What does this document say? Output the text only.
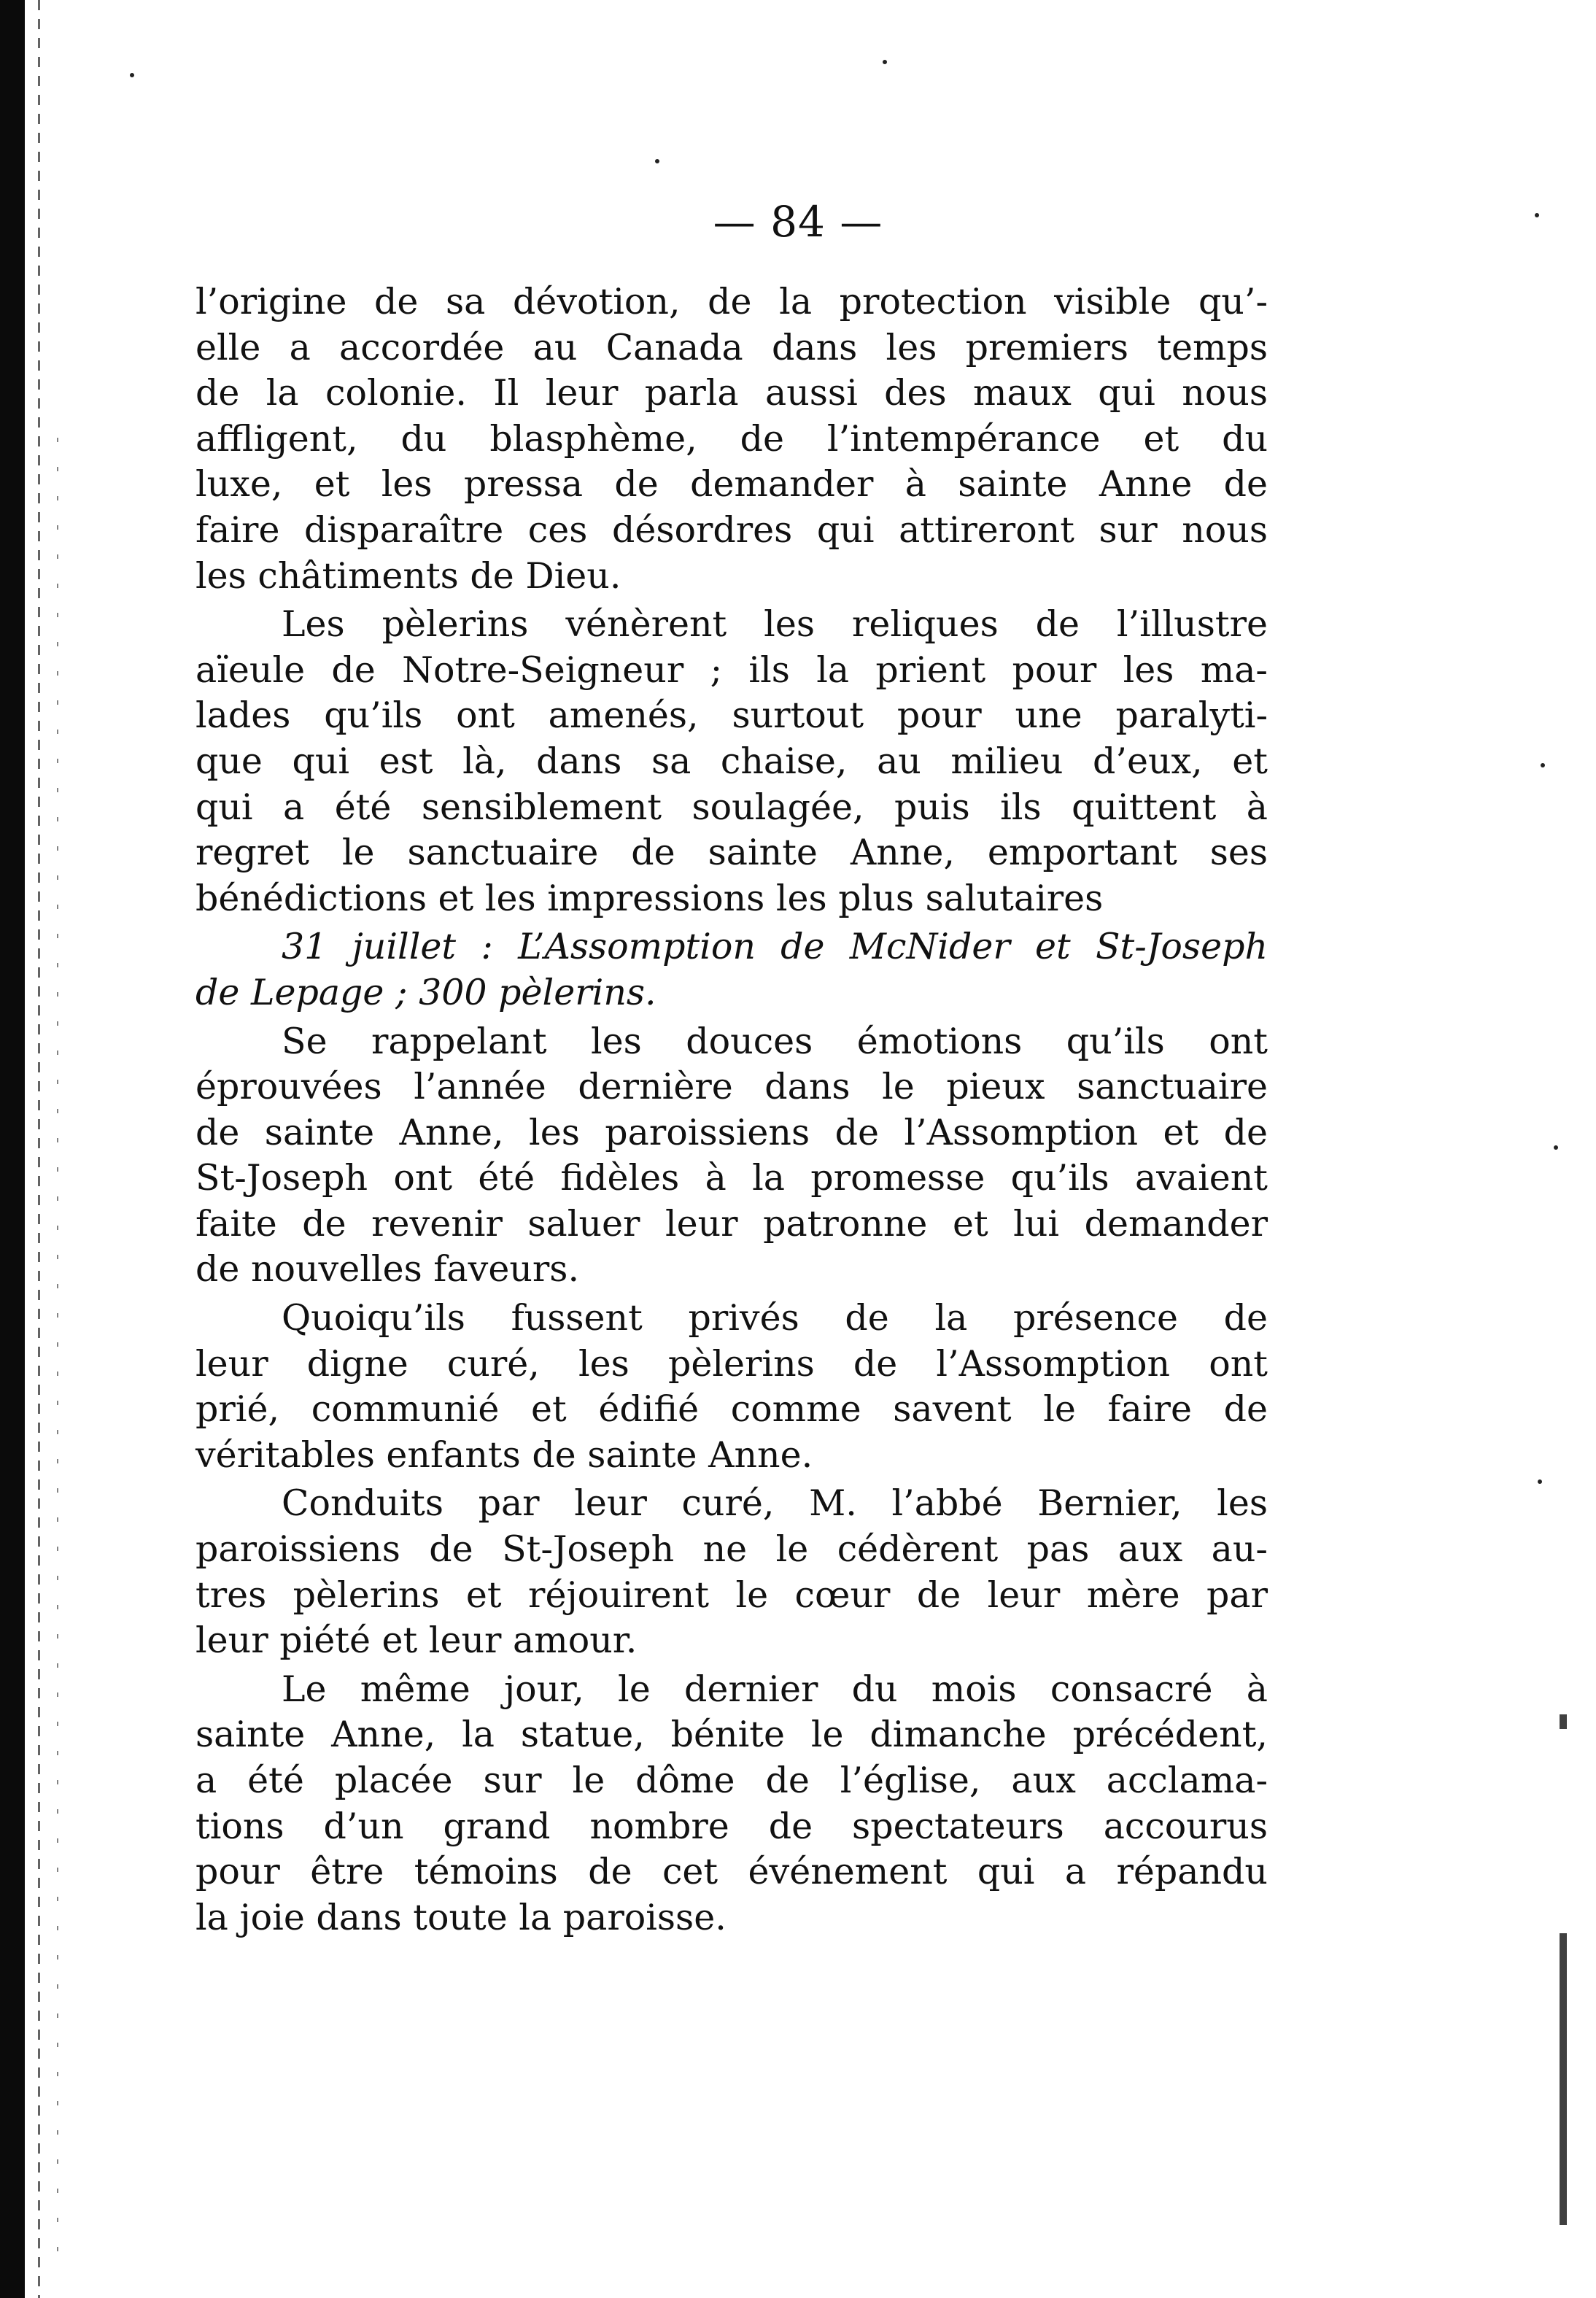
— 84 —
l’origine de sa dévotion, de la protection visible qu’-
elle a accordée au Canada dans les premiers temps
de la colonie. Il leur parla aussi des maux qui nous
affligent, du blasphème, de l’intempérance et du
luxe, et les pressa de demander à sainte Anne de
faire disparaître ces désordres qui attireront sur nous
les châtiments de Dieu.
Les pèlerins vénèrent les reliques de l’illustre
aïeule de Notre-Seigneur ; ils la prient pour les ma-
lades qu’ils ont amenés, surtout pour une paralyti-
que qui est là, dans sa chaise, au milieu d’eux, et
qui a été sensiblement soulagée, puis ils quittent à
regret le sanctuaire de sainte Anne, emportant ses
bénédictions et les impressions les plus salutaires
31 juillet : L’Assomption de McNider et St-Joseph
de Lepage ; 300 pèlerins.
Se rappelant les douces émotions qu’ils ont
éprouvées l’année dernière dans le pieux sanctuaire
de sainte Anne, les paroissiens de l’Assomption et de
St-Joseph ont été fidèles à la promesse qu’ils avaient
faite de revenir saluer leur patronne et lui demander
de nouvelles faveurs.
Quoiqu’ils fussent privés de la présence de
leur digne curé, les pèlerins de l’Assomption ont
prié, communié et édifié comme savent le faire de
véritables enfants de sainte Anne.
Conduits par leur curé, M. l’abbé Bernier, les
paroissiens de St-Joseph ne le cédèrent pas aux au-
tres pèlerins et réjouirent le cœur de leur mère par
leur piété et leur amour.
Le même jour, le dernier du mois consacré à
sainte Anne, la statue, bénite le dimanche précédent,
a été placée sur le dôme de l’église, aux acclama-
tions d’un grand nombre de spectateurs accourus
pour être témoins de cet événement qui a répandu
la joie dans toute la paroisse.
